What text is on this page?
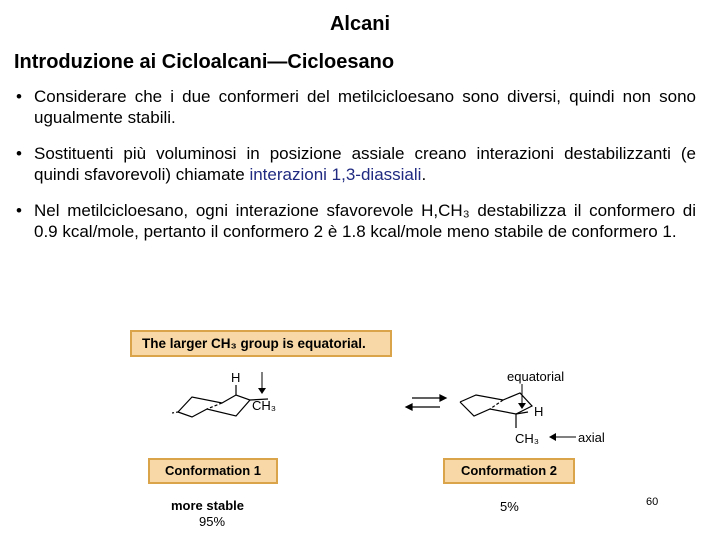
Alcani
Introduzione ai Cicloalcani—Cicloesano
• Considerare che i due conformeri del metilcicloesano sono diversi, quindi non sono ugualmente stabili.
• Sostituenti più voluminosi in posizione assiale creano interazioni destabilizzanti (e quindi sfavorevoli) chiamate interazioni 1,3-diassiali.
• Nel metilcicloesano, ogni interazione sfavorevole H,CH₃ destabilizza il conformero di 0.9 kcal/mole, pertanto il conformero 2 è 1.8 kcal/mole meno stabile de conformero 1.
The larger CH₃ group is equatorial.
H
CH₃
equatorial
H
CH₃	axial
Conformation 1	Conformation 2
more stable
95%
5%	60
